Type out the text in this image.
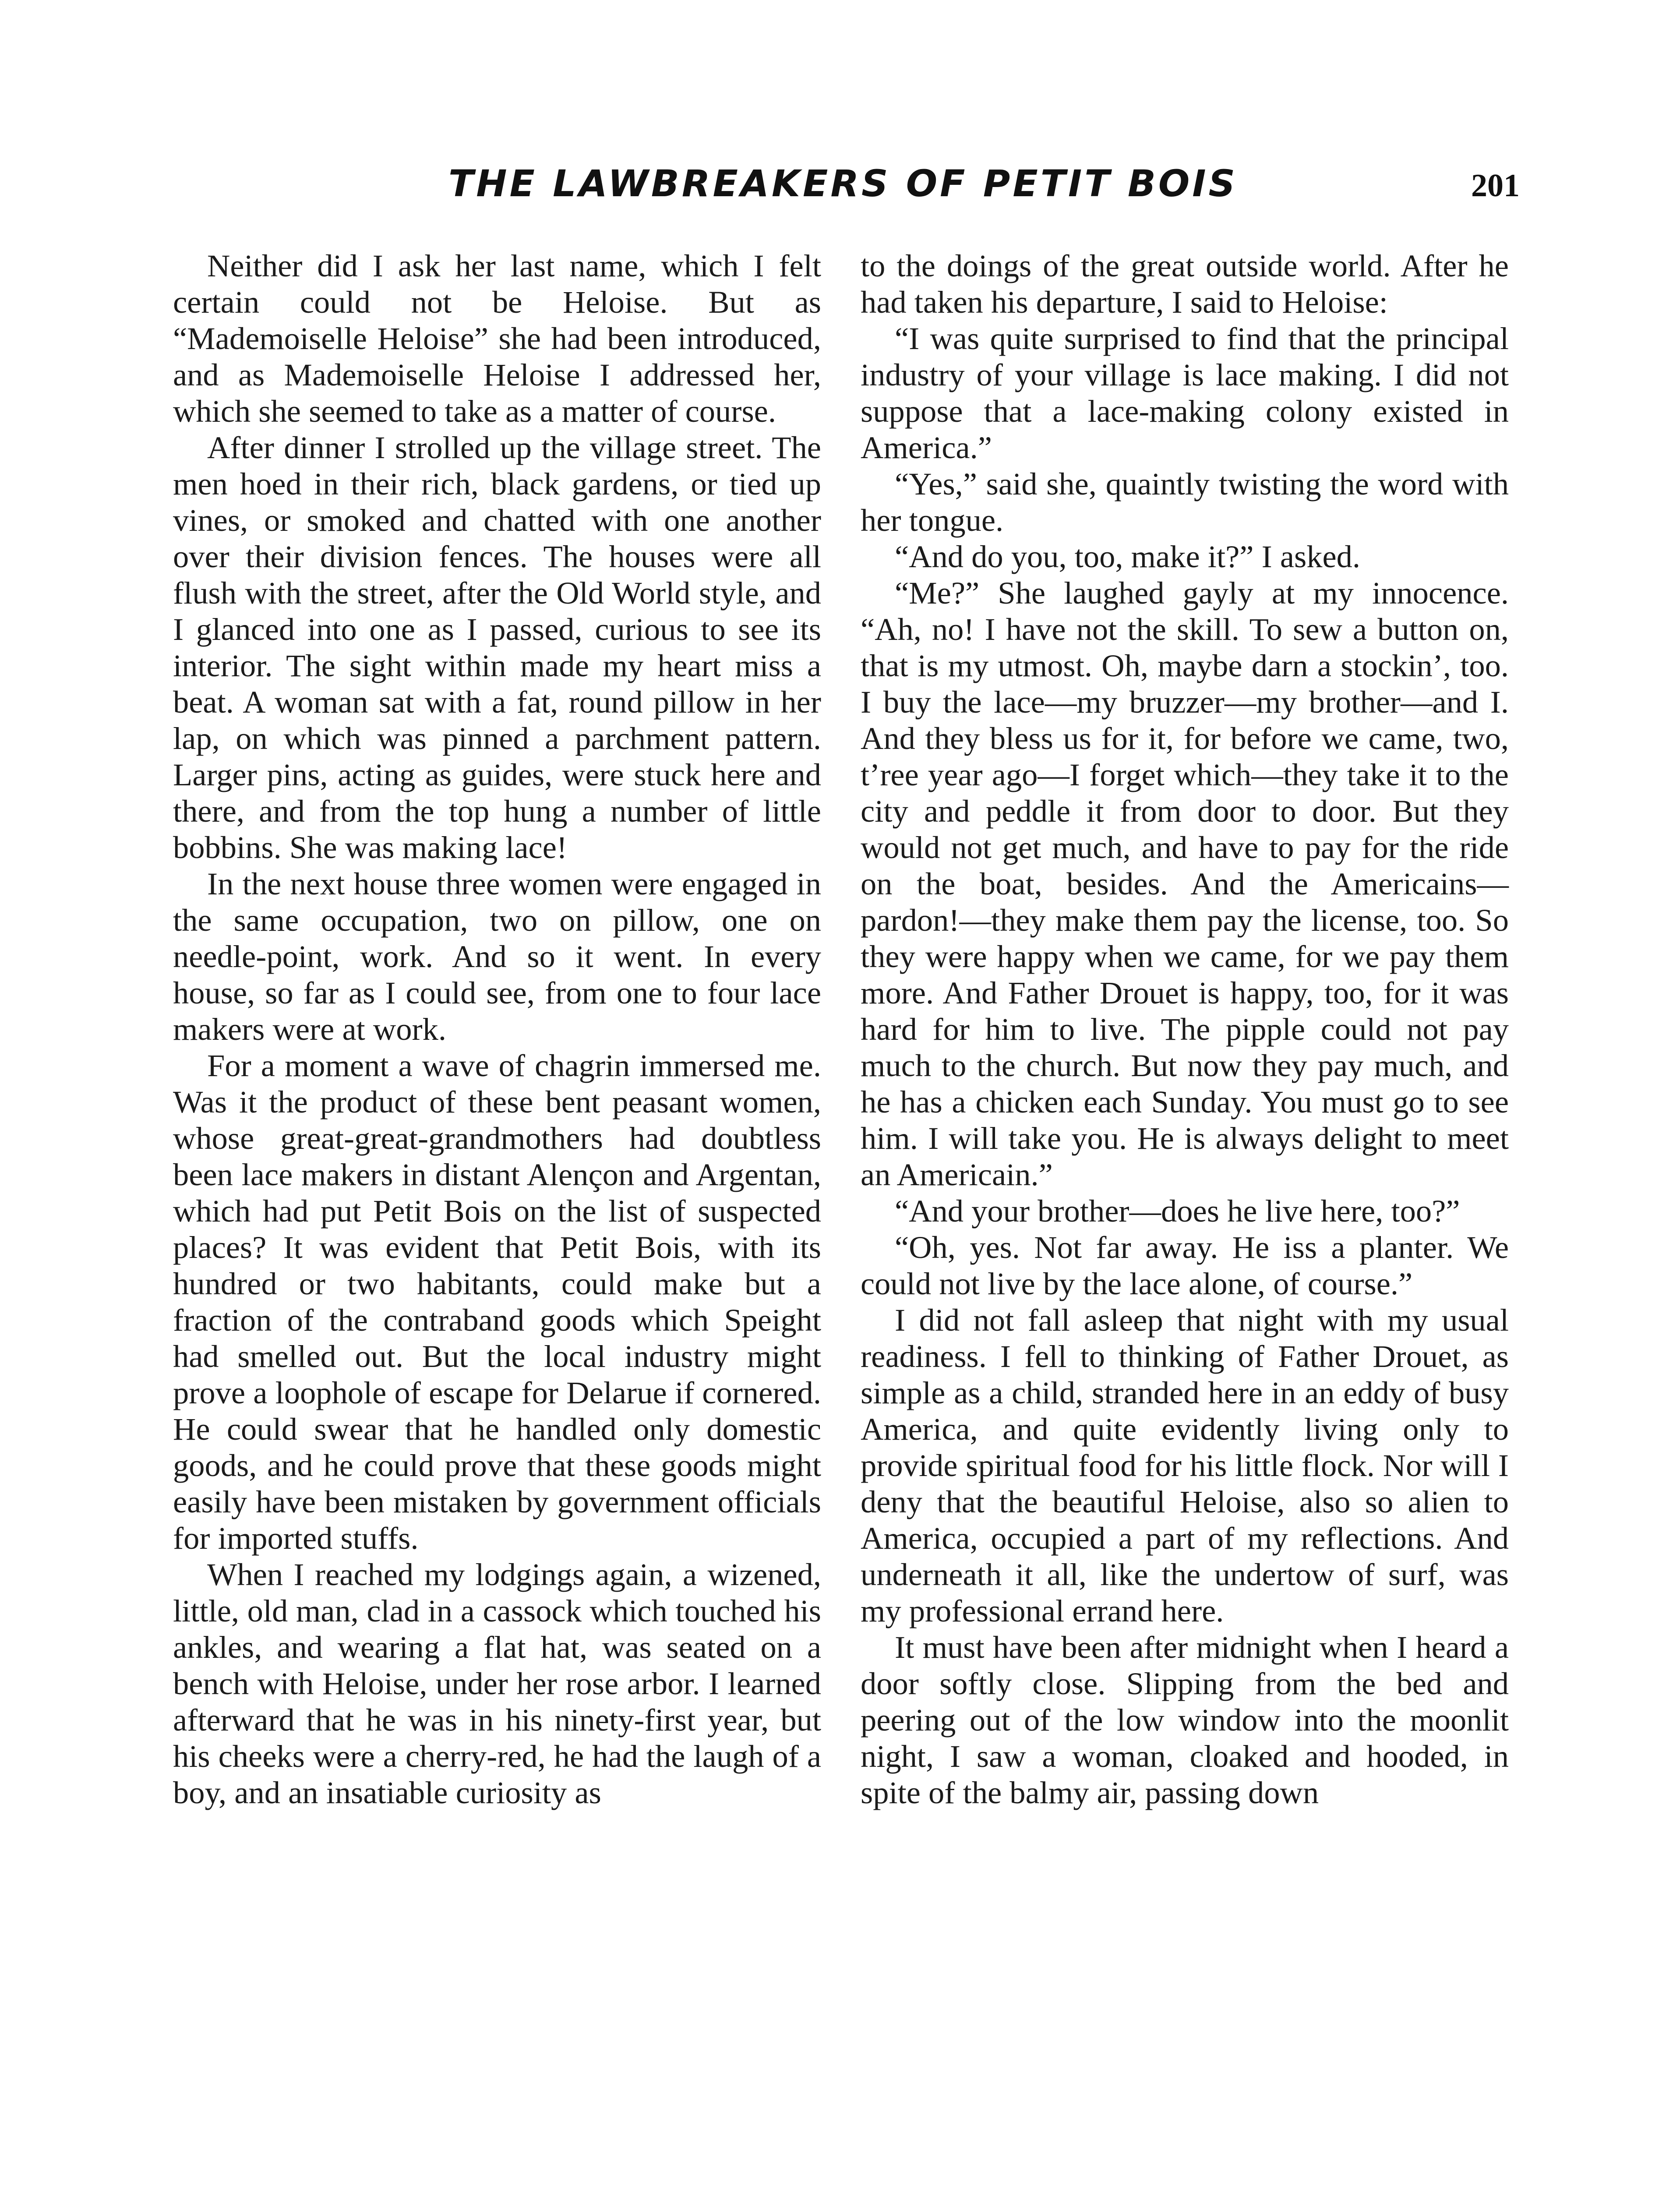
THE LAWBREAKERS OF PETIT BOIS	201

Neither did I ask her last name, which I felt certain could not be Heloise. But as “Mademoiselle Heloise” she had been introduced, and as Mademoiselle Heloise I addressed her, which she seemed to take as a matter of course.

After dinner I strolled up the village street. The men hoed in their rich, black gardens, or tied up vines, or smoked and chatted with one another over their division fences. The houses were all flush with the street, after the Old World style, and I glanced into one as I passed, curious to see its interior. The sight within made my heart miss a beat. A woman sat with a fat, round pillow in her lap, on which was pinned a parchment pattern. Larger pins, acting as guides, were stuck here and there, and from the top hung a number of little bobbins. She was making lace!

In the next house three women were engaged in the same occupation, two on pillow, one on needle-point, work. And so it went. In every house, so far as I could see, from one to four lace makers were at work.

For a moment a wave of chagrin immersed me. Was it the product of these bent peasant women, whose great-great-grandmothers had doubtless been lace makers in distant Alençon and Argentan, which had put Petit Bois on the list of suspected places? It was evident that Petit Bois, with its hundred or two habitants, could make but a fraction of the contraband goods which Speight had smelled out. But the local industry might prove a loophole of escape for Delarue if cornered. He could swear that he handled only domestic goods, and he could prove that these goods might easily have been mistaken by government officials for imported stuffs.

When I reached my lodgings again, a wizened, little, old man, clad in a cassock which touched his ankles, and wearing a flat hat, was seated on a bench with Heloise, under her rose arbor. I learned afterward that he was in his ninety-first year, but his cheeks were a cherry-red, he had the laugh of a boy, and an insatiable curiosity as

to the doings of the great outside world. After he had taken his departure, I said to Heloise:

“I was quite surprised to find that the principal industry of your village is lace making. I did not suppose that a lace-making colony existed in America.”

“Yes,” said she, quaintly twisting the word with her tongue.

“And do you, too, make it?” I asked.

“Me?” She laughed gayly at my innocence. “Ah, no! I have not the skill. To sew a button on, that is my utmost. Oh, maybe darn a stockin’, too. I buy the lace—my bruzzer—my brother—and I. And they bless us for it, for before we came, two, t’ree year ago—I forget which—they take it to the city and peddle it from door to door. But they would not get much, and have to pay for the ride on the boat, besides. And the Americains—pardon!—they make them pay the license, too. So they were happy when we came, for we pay them more. And Father Drouet is happy, too, for it was hard for him to live. The pipple could not pay much to the church. But now they pay much, and he has a chicken each Sunday. You must go to see him. I will take you. He is always delight to meet an Americain.”

“And your brother—does he live here, too?”

“Oh, yes. Not far away. He iss a planter. We could not live by the lace alone, of course.”

I did not fall asleep that night with my usual readiness. I fell to thinking of Father Drouet, as simple as a child, stranded here in an eddy of busy America, and quite evidently living only to provide spiritual food for his little flock. Nor will I deny that the beautiful Heloise, also so alien to America, occupied a part of my reflections. And underneath it all, like the undertow of surf, was my professional errand here.

It must have been after midnight when I heard a door softly close. Slipping from the bed and peering out of the low window into the moonlit night, I saw a woman, cloaked and hooded, in spite of the balmy air, passing down
